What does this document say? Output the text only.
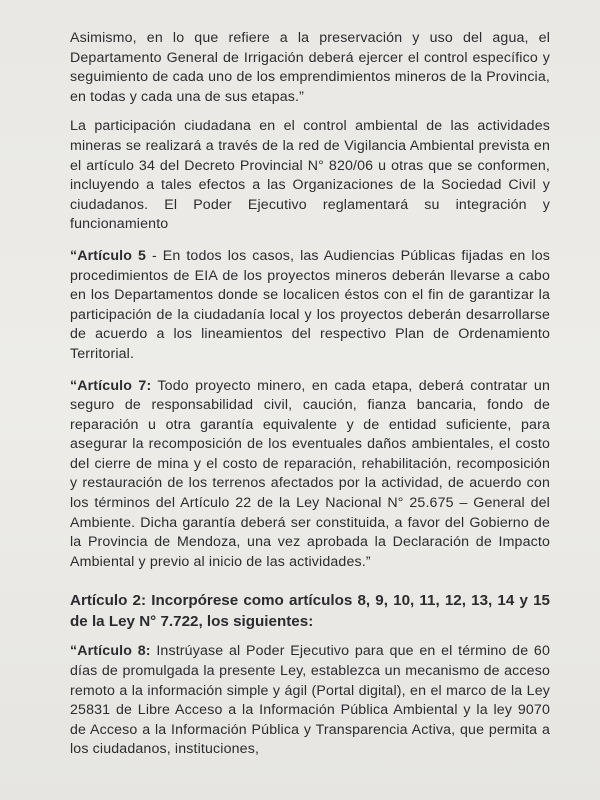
Asimismo, en lo que refiere a la preservación y uso del agua, el Departamento General de Irrigación deberá ejercer el control específico y seguimiento de cada uno de los emprendimientos mineros de la Provincia, en todas y cada una de sus etapas.”

La participación ciudadana en el control ambiental de las actividades mineras se realizará a través de la red de Vigilancia Ambiental prevista en el artículo 34 del Decreto Provincial N° 820/06 u otras que se conformen, incluyendo a tales efectos a las Organizaciones de la Sociedad Civil y ciudadanos. El Poder Ejecutivo reglamentará su integración y funcionamiento

“Artículo 5 - En todos los casos, las Audiencias Públicas fijadas en los procedimientos de EIA de los proyectos mineros deberán llevarse a cabo en los Departamentos donde se localicen éstos con el fin de garantizar la participación de la ciudadanía local y los proyectos deberán desarrollarse de acuerdo a los lineamientos del respectivo Plan de Ordenamiento Territorial.

“Artículo 7: Todo proyecto minero, en cada etapa, deberá contratar un seguro de responsabilidad civil, caución, fianza bancaria, fondo de reparación u otra garantía equivalente y de entidad suficiente, para asegurar la recomposición de los eventuales daños ambientales, el costo del cierre de mina y el costo de reparación, rehabilitación, recomposición y restauración de los terrenos afectados por la actividad, de acuerdo con los términos del Artículo 22 de la Ley Nacional N° 25.675 – General del Ambiente. Dicha garantía deberá ser constituida, a favor del Gobierno de la Provincia de Mendoza, una vez aprobada la Declaración de Impacto Ambiental y previo al inicio de las actividades.”

Artículo 2: Incorpórese como artículos 8, 9, 10, 11, 12, 13, 14 y 15 de la Ley N° 7.722, los siguientes:

“Artículo 8: Instrúyase al Poder Ejecutivo para que en el término de 60 días de promulgada la presente Ley, establezca un mecanismo de acceso remoto a la información simple y ágil (Portal digital), en el marco de la Ley 25831 de Libre Acceso a la Información Pública Ambiental y la ley 9070 de Acceso a la Información Pública y Transparencia Activa, que permita a los ciudadanos, instituciones,
